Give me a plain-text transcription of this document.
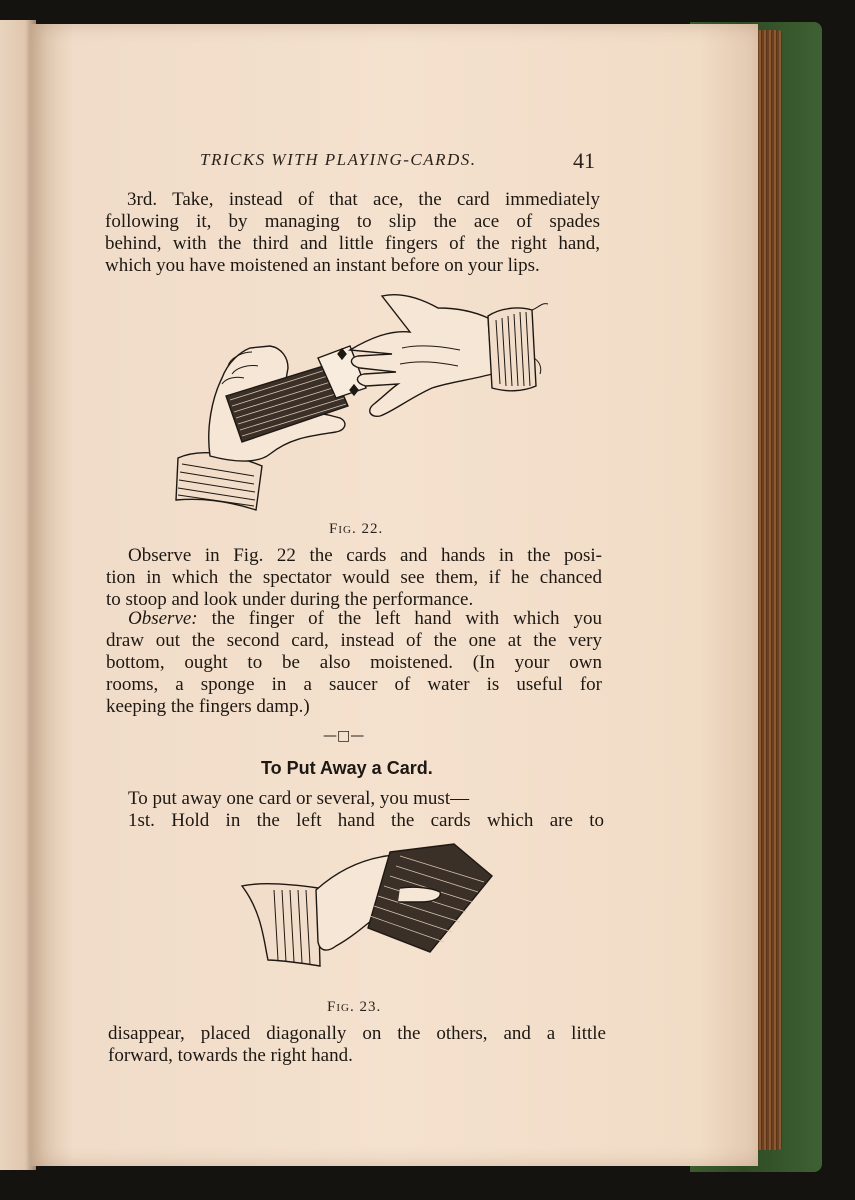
TRICKS WITH PLAYING-CARDS.	41
3rd. Take, instead of that ace, the card immediately
following it, by managing to slip the ace of spades
behind, with the third and little fingers of the right hand,
which you have moistened an instant before on your lips.
Fig. 22.
Observe in Fig. 22 the cards and hands in the posi-
tion in which the spectator would see them, if he chanced
to stoop and look under during the performance.
Observe: the finger of the left hand with which you
draw out the second card, instead of the one at the very
bottom, ought to be also moistened. (In your own
rooms, a sponge in a saucer of water is useful for
keeping the fingers damp.)
—□—
To Put Away a Card.
To put away one card or several, you must—
1st. Hold in the left hand the cards which are to
Fig. 23.
disappear, placed diagonally on the others, and a little
forward, towards the right hand.
